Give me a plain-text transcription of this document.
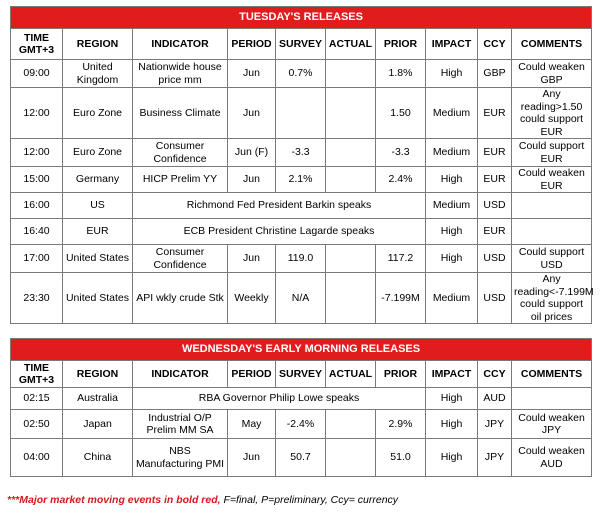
TUESDAY'S RELEASES									
TIME GMT+3	REGION	INDICATOR	PERIOD	SURVEY	ACTUAL	PRIOR	IMPACT	CCY	COMMENTS
09:00	United Kingdom	Nationwide house price mm	Jun	0.7%		1.8%	High	GBP	Could weaken GBP
12:00	Euro Zone	Business Climate	Jun			1.50	Medium	EUR	Any reading>1.50 could support EUR
12:00	Euro Zone	Consumer Confidence	Jun (F)	-3.3		-3.3	Medium	EUR	Could support EUR
15:00	Germany	HICP Prelim YY	Jun	2.1%		2.4%	High	EUR	Could weaken EUR
16:00	US	Richmond Fed President Barkin speaks					Medium	USD	
16:40	EUR	ECB President Christine Lagarde speaks					High	EUR	
17:00	United States	Consumer Confidence	Jun	119.0		117.2	High	USD	Could support USD
23:30	United States	API wkly crude Stk	Weekly	N/A		-7.199M	Medium	USD	Any reading<-7.199M could support oil prices
WEDNESDAY'S EARLY MORNING RELEASES									
TIME GMT+3	REGION	INDICATOR	PERIOD	SURVEY	ACTUAL	PRIOR	IMPACT	CCY	COMMENTS
02:15	Australia	RBA Governor Philip Lowe speaks					High	AUD	
02:50	Japan	Industrial O/P Prelim MM SA	May	-2.4%		2.9%	High	JPY	Could weaken JPY
04:00	China	NBS Manufacturing PMI	Jun	50.7		51.0	High	JPY	Could weaken AUD
***Major market moving events in bold red, F=final, P=preliminary, Ccy= currency
